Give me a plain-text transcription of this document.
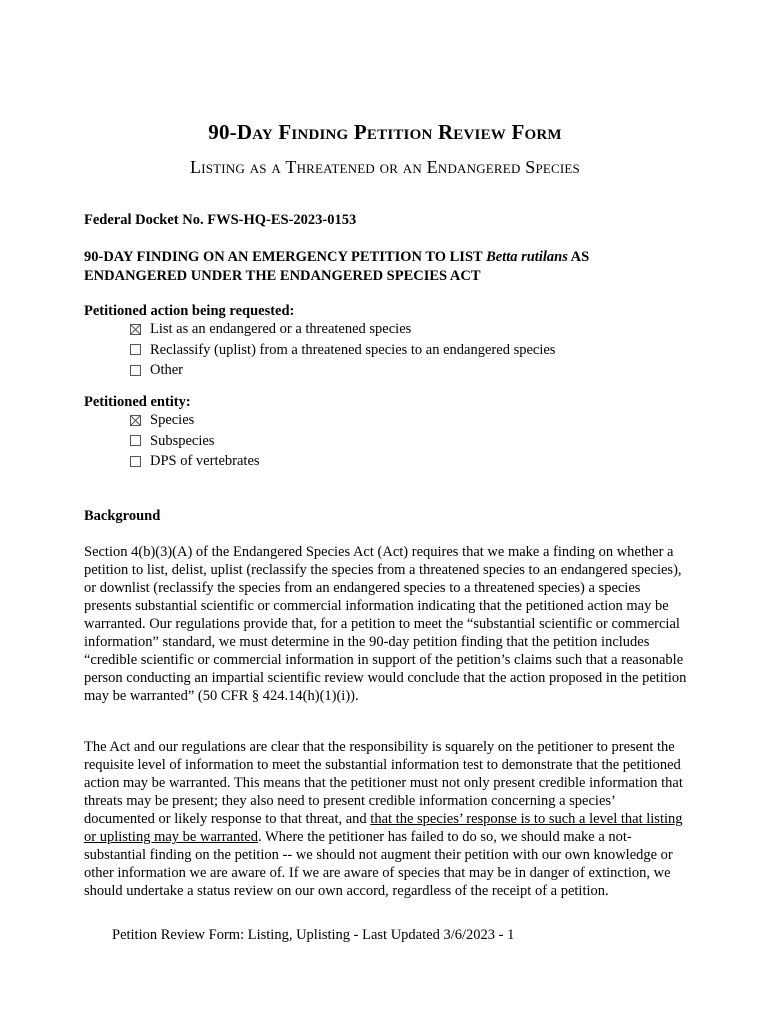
90-Day Finding Petition Review Form
Listing as a Threatened or an Endangered Species
Federal Docket No. FWS-HQ-ES-2023-0153
90-DAY FINDING ON AN EMERGENCY PETITION TO LIST Betta rutilans AS ENDANGERED UNDER THE ENDANGERED SPECIES ACT
Petitioned action being requested:
List as an endangered or a threatened species
Reclassify (uplist) from a threatened species to an endangered species
Other
Petitioned entity:
Species
Subspecies
DPS of vertebrates
Background
Section 4(b)(3)(A) of the Endangered Species Act (Act) requires that we make a finding on whether a petition to list, delist, uplist (reclassify the species from a threatened species to an endangered species), or downlist (reclassify the species from an endangered species to a threatened species) a species presents substantial scientific or commercial information indicating that the petitioned action may be warranted. Our regulations provide that, for a petition to meet the “substantial scientific or commercial information” standard, we must determine in the 90-day petition finding that the petition includes “credible scientific or commercial information in support of the petition’s claims such that a reasonable person conducting an impartial scientific review would conclude that the action proposed in the petition may be warranted” (50 CFR § 424.14(h)(1)(i)).
The Act and our regulations are clear that the responsibility is squarely on the petitioner to present the requisite level of information to meet the substantial information test to demonstrate that the petitioned action may be warranted. This means that the petitioner must not only present credible information that threats may be present; they also need to present credible information concerning a species’ documented or likely response to that threat, and that the species’ response is to such a level that listing or uplisting may be warranted. Where the petitioner has failed to do so, we should make a not-substantial finding on the petition -- we should not augment their petition with our own knowledge or other information we are aware of. If we are aware of species that may be in danger of extinction, we should undertake a status review on our own accord, regardless of the receipt of a petition.
Petition Review Form: Listing, Uplisting - Last Updated 3/6/2023 - 1
